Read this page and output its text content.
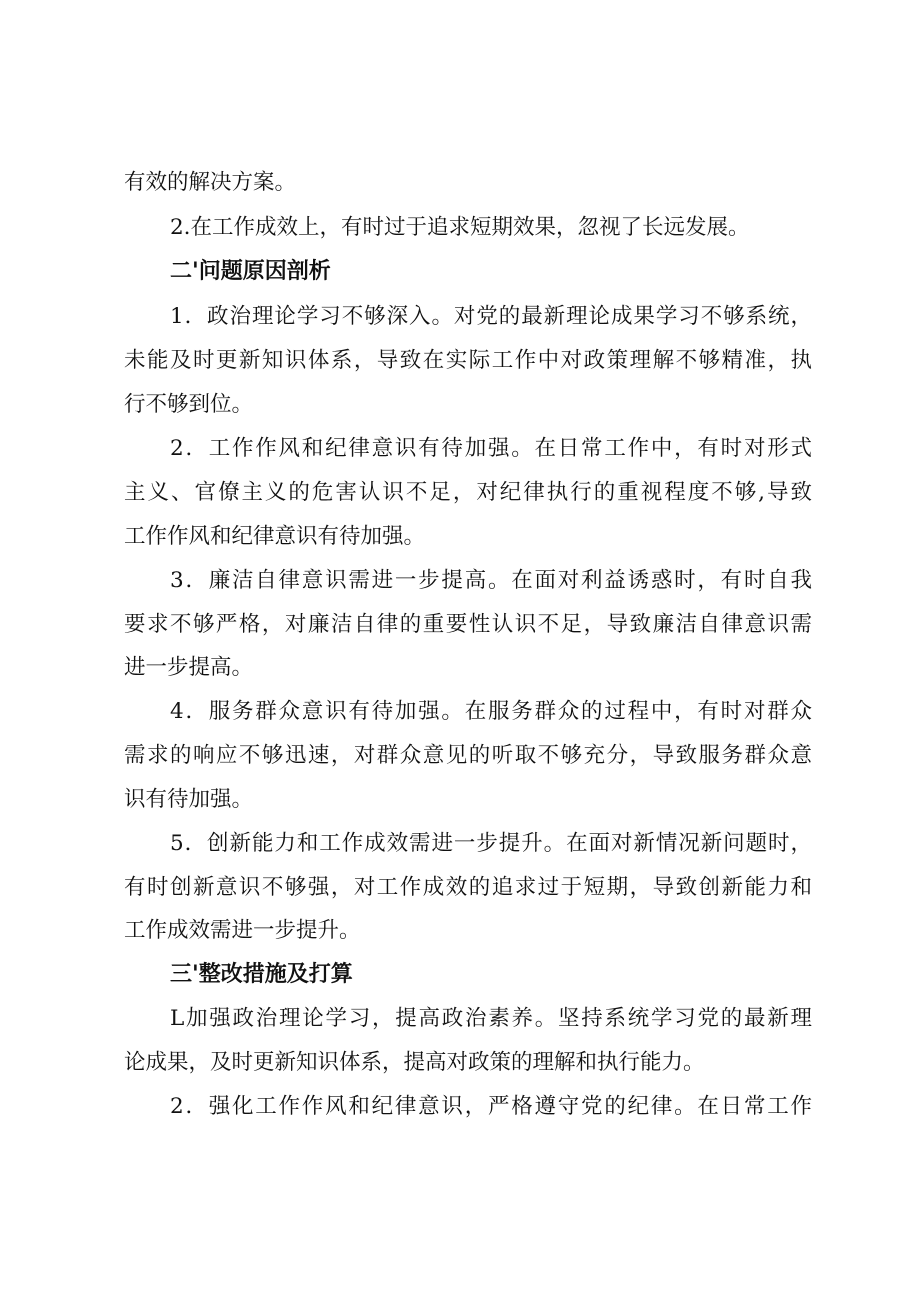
有效的解决方案。
2.在工作成效上，有时过于追求短期效果，忽视了长远发展。
二'问题原因剖析
1．政治理论学习不够深入。对党的最新理论成果学习不够系统，
未能及时更新知识体系，导致在实际工作中对政策理解不够精准，执
行不够到位。
2．工作作风和纪律意识有待加强。在日常工作中，有时对形式
主义、官僚主义的危害认识不足，对纪律执行的重视程度不够,导致
工作作风和纪律意识有待加强。
3．廉洁自律意识需进一步提高。在面对利益诱惑时，有时自我
要求不够严格，对廉洁自律的重要性认识不足，导致廉洁自律意识需
进一步提高。
4．服务群众意识有待加强。在服务群众的过程中，有时对群众
需求的响应不够迅速，对群众意见的听取不够充分，导致服务群众意
识有待加强。
5．创新能力和工作成效需进一步提升。在面对新情况新问题时，
有时创新意识不够强，对工作成效的追求过于短期，导致创新能力和
工作成效需进一步提升。
三'整改措施及打算
L加强政治理论学习，提高政治素养。坚持系统学习党的最新理
论成果，及时更新知识体系，提高对政策的理解和执行能力。
2．强化工作作风和纪律意识，严格遵守党的纪律。在日常工作
